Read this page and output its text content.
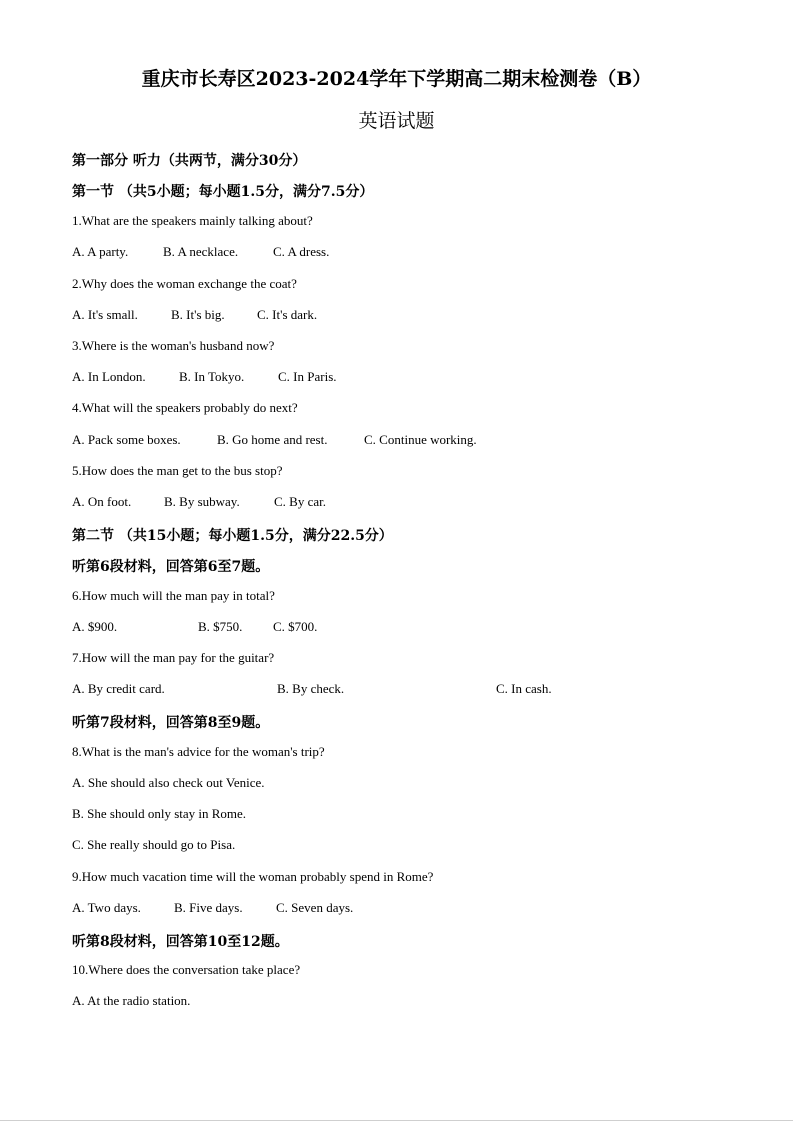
重庆市长寿区2023-2024学年下学期高二期末检测卷（B）
英语试题
第一部分 听力（共两节，满分30分）
第一节 （共5小题；每小题1.5分，满分7.5分）
1.What are the speakers mainly talking about?
A. A party.	B. A necklace.	C. A dress.
2.Why does the woman exchange the coat?
A. It's small.	B. It's big. C. It's dark.
3.Where is the woman's husband now?
A. In London.	B. In Tokyo.	C. In Paris.
4.What will the speakers probably do next?
A. Pack some boxes.	B. Go home and rest.	C. Continue working.
5.How does the man get to the bus stop?
A. On foot.	B. By subway.	C. By car.
第二节 （共15小题；每小题1.5分，满分22.5分）
听第6段材料，回答第6至7题。
6.How much will the man pay in total?
A. $900.	B. $750. C. $700.
7.How will the man pay for the guitar?
A. By credit card.	B. By check.	C. In cash.
听第7段材料，回答第8至9题。
8.What is the man's advice for the woman's trip?
A. She should also check out Venice.
B. She should only stay in Rome.
C. She really should go to Pisa.
9.How much vacation time will the woman probably spend in Rome?
A. Two days.	B. Five days.	C. Seven days.
听第8段材料，回答第10至12题。
10.Where does the conversation take place?
A. At the radio station.
